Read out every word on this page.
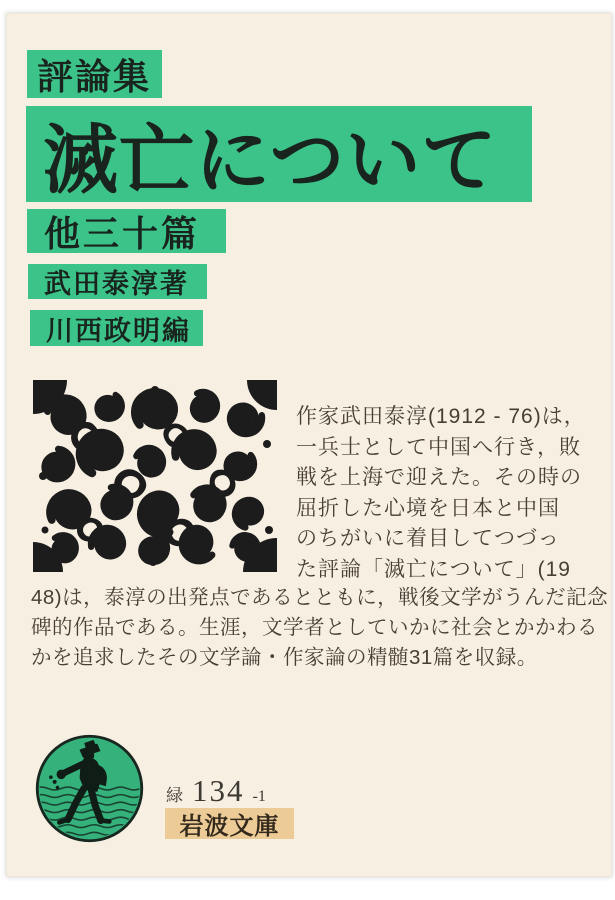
評論集
滅亡について
他三十篇
武田泰淳著
川西政明編
作家武田泰淳(1912 - 76)は，
一兵士として中国へ行き，敗
戦を上海で迎えた。その時の
屈折した心境を日本と中国
のちがいに着目してつづっ
た評論「滅亡について」(19
48)は，泰淳の出発点であるとともに，戦後文学がうんだ記念
碑的作品である。生涯，文学者としていかに社会とかかわる
かを追求したその文学論・作家論の精髄31篇を収録。
緑 134 -1
岩波文庫
